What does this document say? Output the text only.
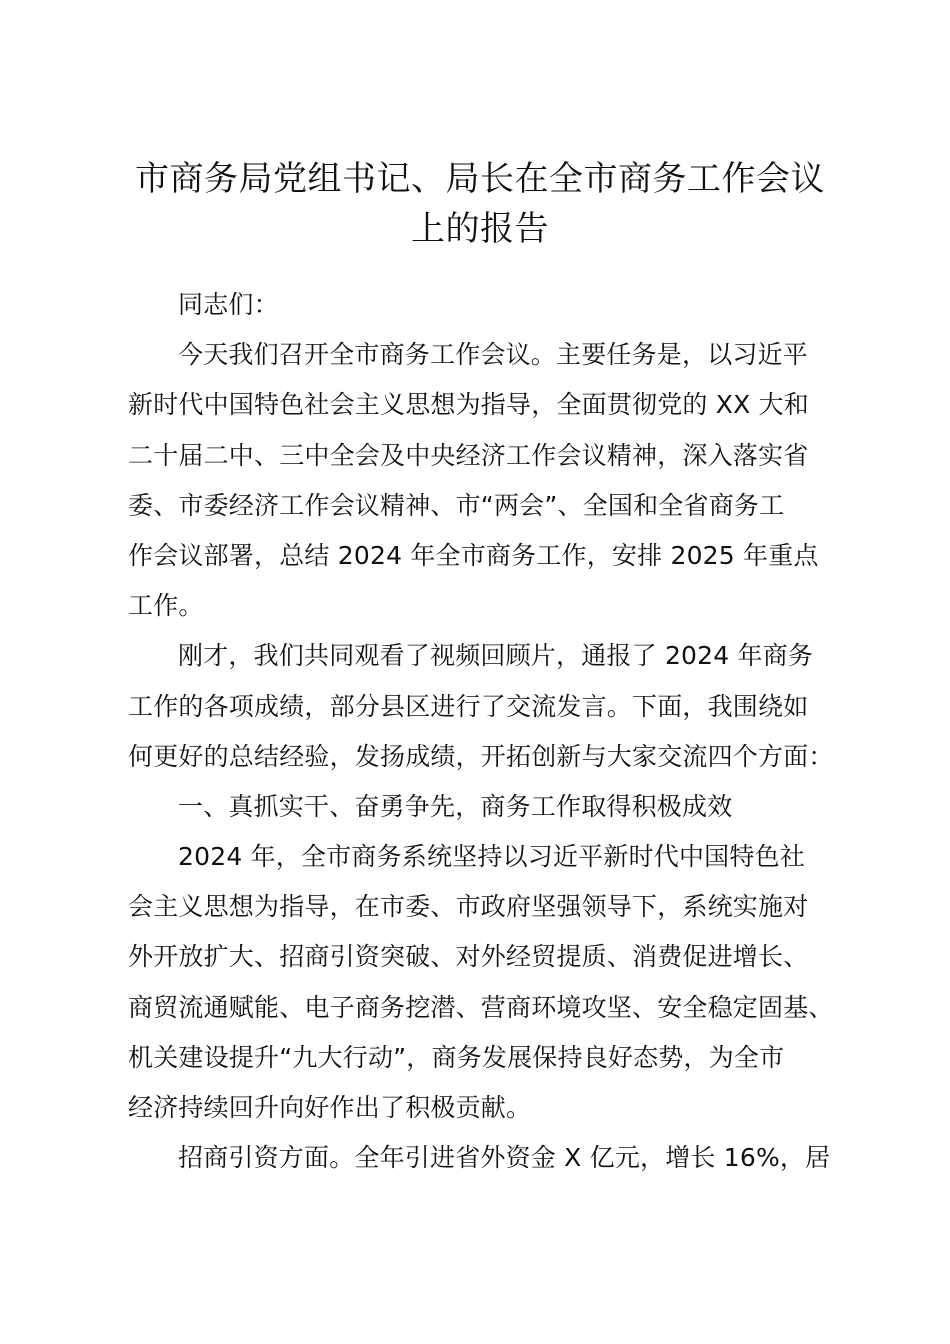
市商务局党组书记、局长在全市商务工作会议
上的报告
同志们：
今天我们召开全市商务工作会议。主要任务是，以习近平
新时代中国特色社会主义思想为指导，全面贯彻党的 XX 大和
二十届二中、三中全会及中央经济工作会议精神，深入落实省
委、市委经济工作会议精神、市“两会”、全国和全省商务工
作会议部署，总结 2024 年全市商务工作，安排 2025 年重点
工作。
刚才，我们共同观看了视频回顾片，通报了 2024 年商务
工作的各项成绩，部分县区进行了交流发言。下面，我围绕如
何更好的总结经验，发扬成绩，开拓创新与大家交流四个方面：
一、真抓实干、奋勇争先，商务工作取得积极成效
2024 年，全市商务系统坚持以习近平新时代中国特色社
会主义思想为指导，在市委、市政府坚强领导下，系统实施对
外开放扩大、招商引资突破、对外经贸提质、消费促进增长、
商贸流通赋能、电子商务挖潜、营商环境攻坚、安全稳定固基、
机关建设提升“九大行动”，商务发展保持良好态势，为全市
经济持续回升向好作出了积极贡献。
招商引资方面。全年引进省外资金 X 亿元，增长 16%，居
